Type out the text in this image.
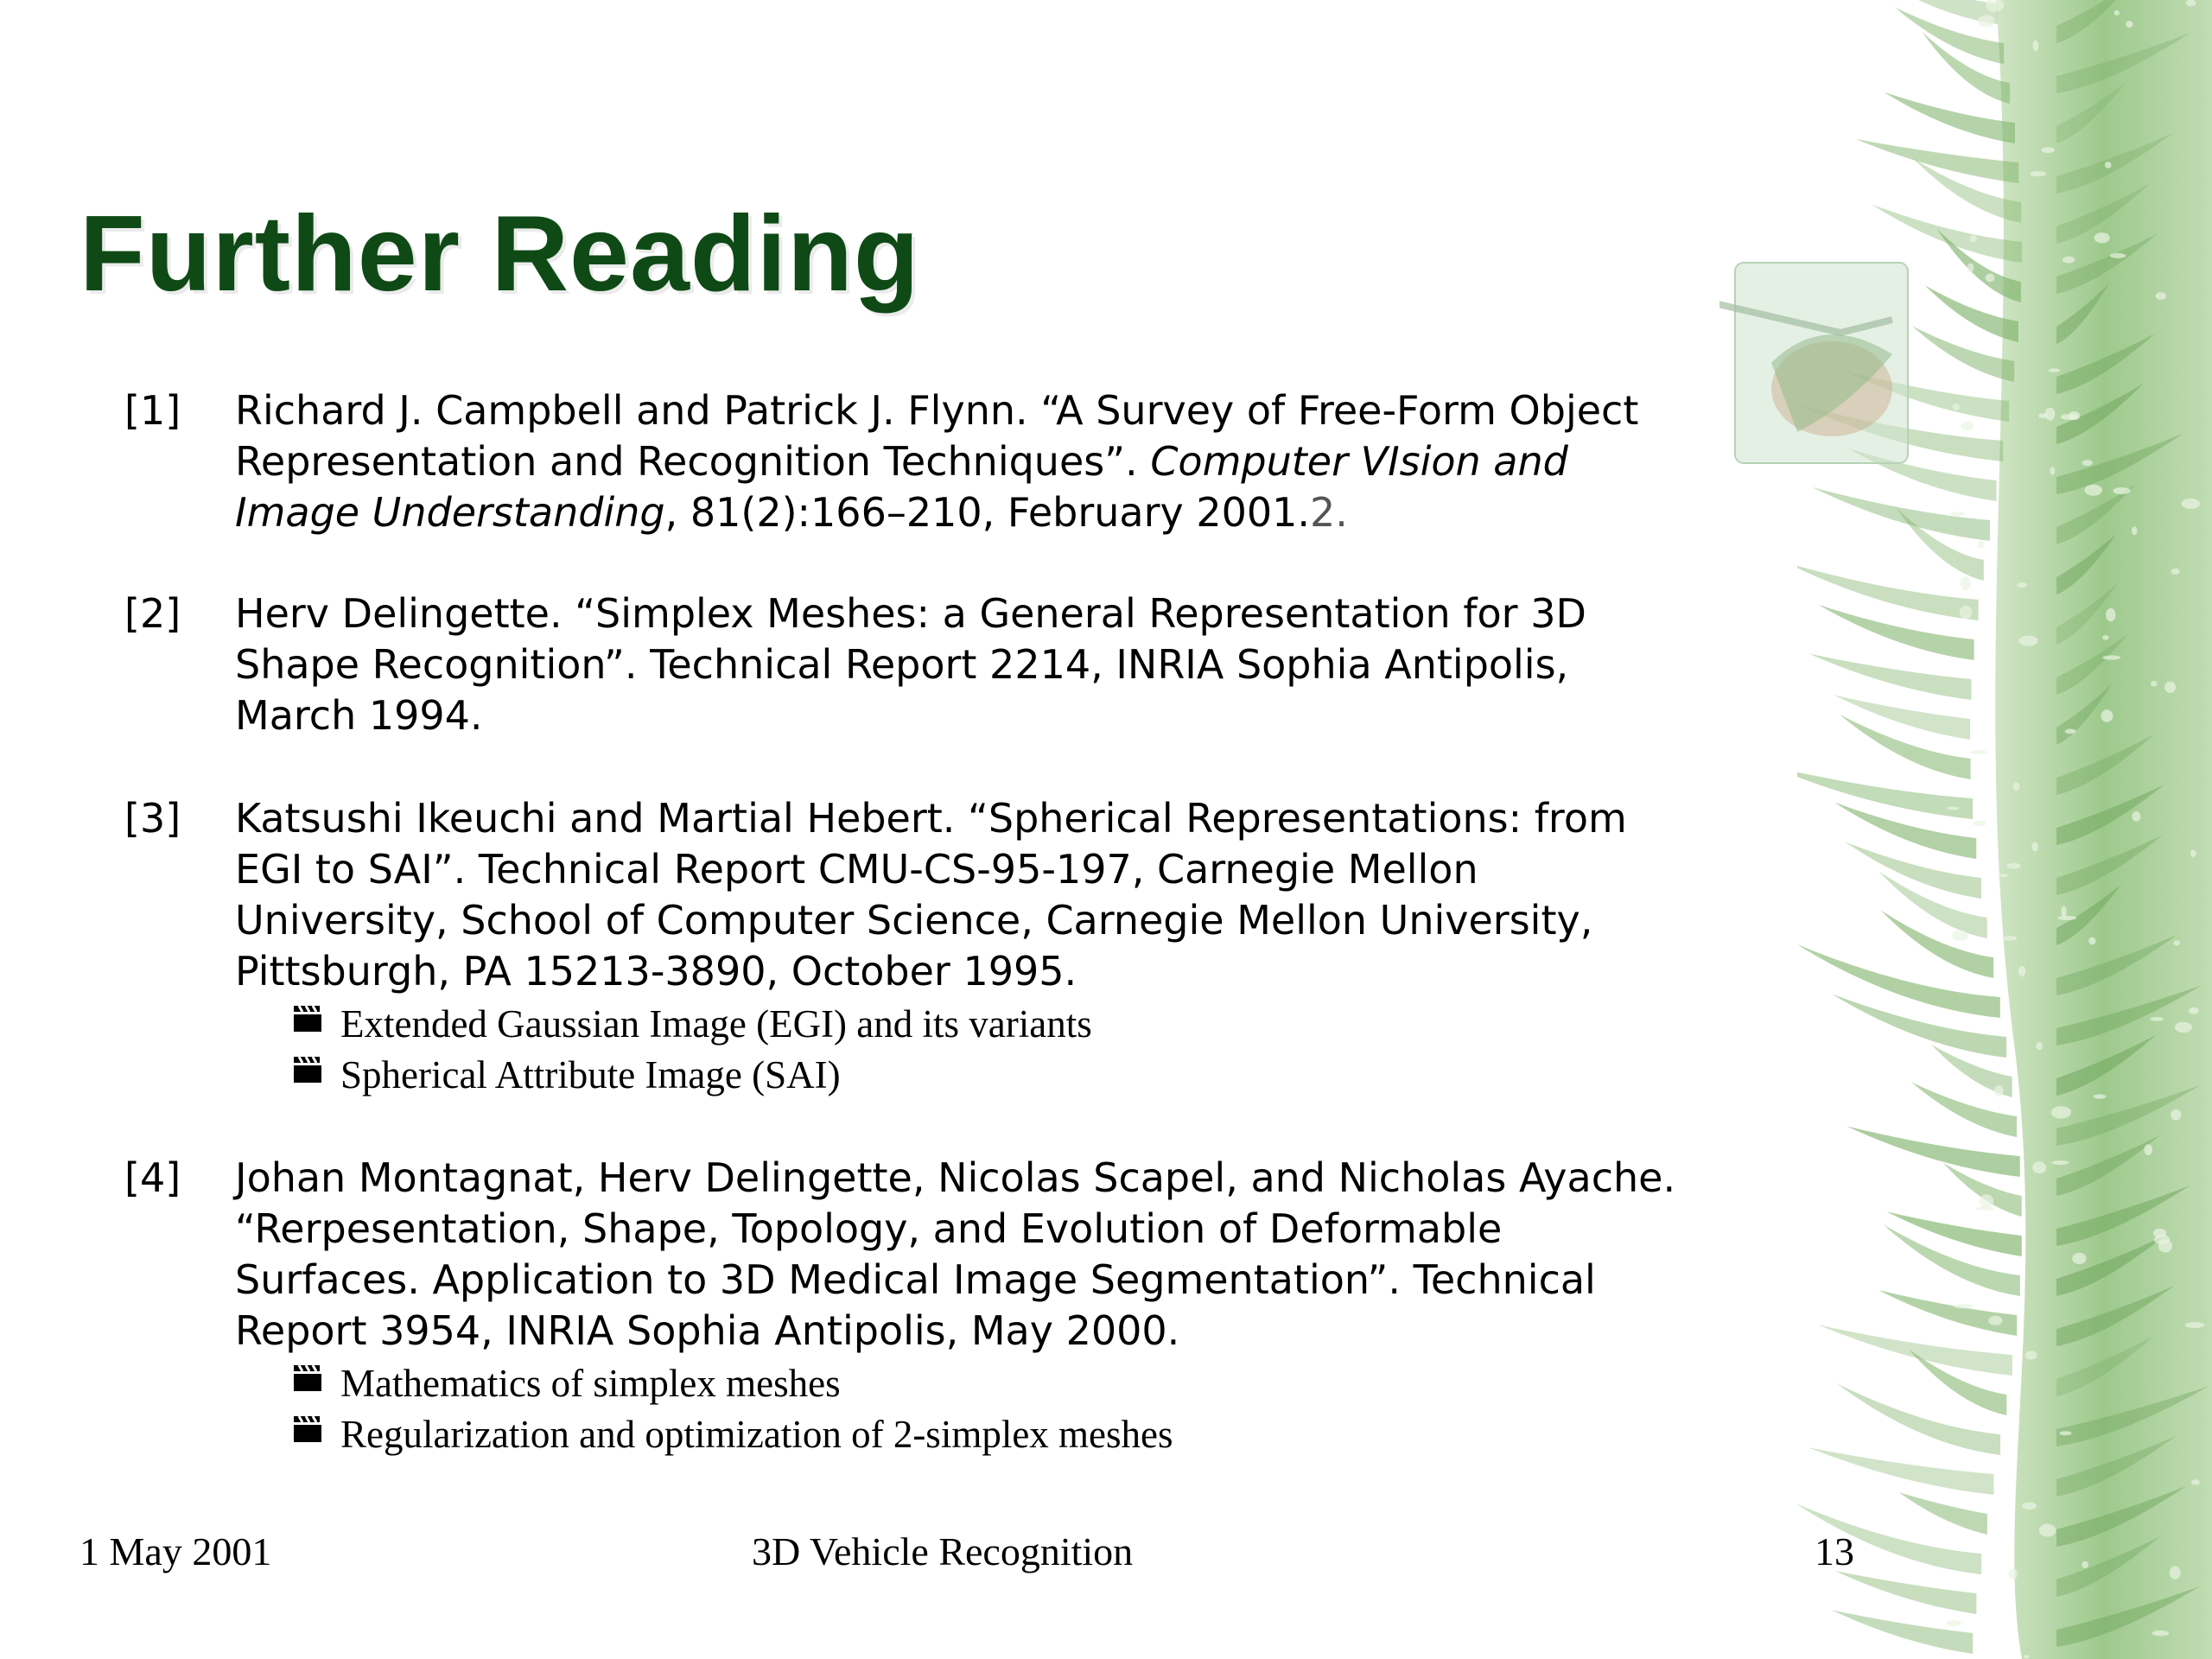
Further Reading
[1] Richard J. Campbell and Patrick J. Flynn. “A Survey of Free-Form Object
Representation and Recognition Techniques”. Computer VIsion and
Image Understanding, 81(2):166–210, February 2001.2.
[2] Herv Delingette. “Simplex Meshes: a General Representation for 3D
Shape Recognition”. Technical Report 2214, INRIA Sophia Antipolis,
March 1994.
[3] Katsushi Ikeuchi and Martial Hebert. “Spherical Representations: from
EGI to SAI”. Technical Report CMU-CS-95-197, Carnegie Mellon
University, School of Computer Science, Carnegie Mellon University,
Pittsburgh, PA 15213-3890, October 1995.
Extended Gaussian Image (EGI) and its variants
Spherical Attribute Image (SAI)
[4] Johan Montagnat, Herv Delingette, Nicolas Scapel, and Nicholas Ayache.
“Rerpesentation, Shape, Topology, and Evolution of Deformable
Surfaces. Application to 3D Medical Image Segmentation”. Technical
Report 3954, INRIA Sophia Antipolis, May 2000.
Mathematics of simplex meshes
Regularization and optimization of 2-simplex meshes
1 May 2001	3D Vehicle Recognition	13
